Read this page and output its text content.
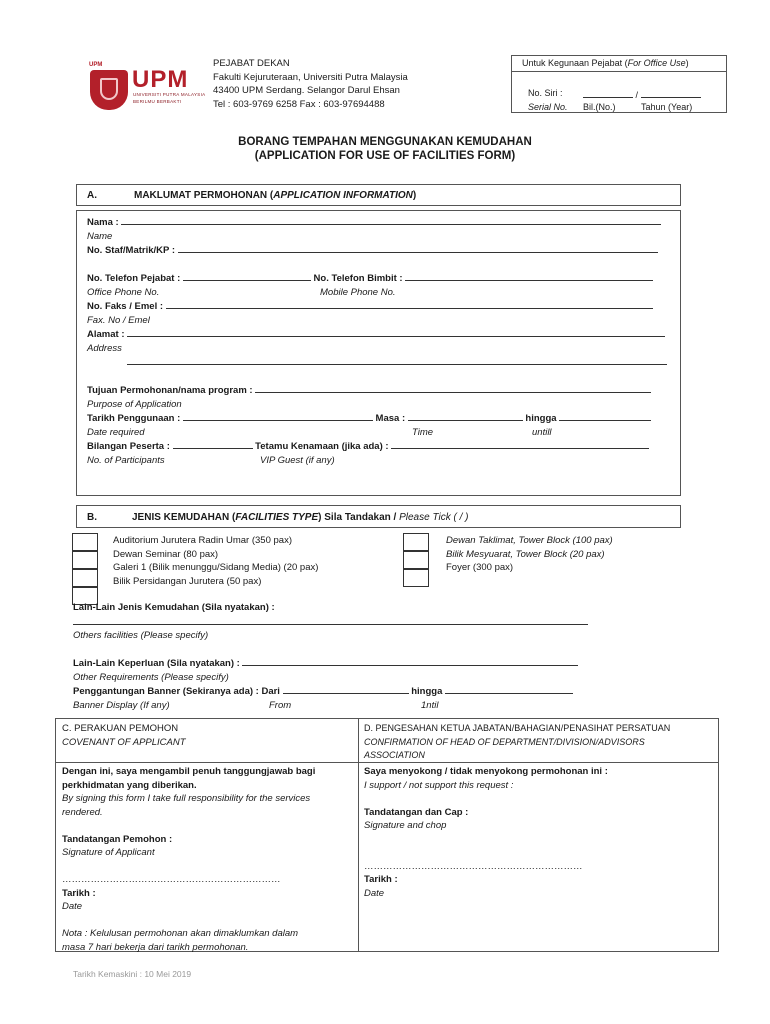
UPM
UPM
UNIVERSITI PUTRA MALAYSIA
BERILMU BERBAKTI
PEJABAT DEKAN
Fakulti Kejuruteraan, Universiti Putra Malaysia
43400 UPM Serdang. Selangor Darul Ehsan
Tel : 603-9769 6258 Fax : 603-97694488
Untuk Kegunaan Pejabat (For Office Use)
No. Siri :	/
Serial No. Bil.(No.)	Tahun (Year)
BORANG TEMPAHAN MENGGUNAKAN KEMUDAHAN
(APPLICATION FOR USE OF FACILITIES FORM)
A.	MAKLUMAT PERMOHONAN (APPLICATION INFORMATION)
Nama :
Name
No. Staf/Matrik/KP :

No. Telefon Pejabat :	No. Telefon Bimbit :
Office Phone No.	Mobile Phone No.
No. Faks / Emel :
Fax. No / Emel
Alamat :
Address

Tujuan Permohonan/nama program :
Purpose of Application
Tarikh Penggunaan :	Masa :	hingga
Date required	Time	untill
Bilangan Peserta :	Tetamu Kenamaan (jika ada) :
No. of Participants	VIP Guest (if any)
B.	JENIS KEMUDAHAN (FACILITIES TYPE) Sila Tandakan / Please Tick ( / )
Auditorium Jurutera Radin Umar (350 pax)
Dewan Seminar (80 pax)
Galeri 1 (Bilik menunggu/Sidang Media) (20 pax)
Bilik Persidangan Jurutera (50 pax)
Dewan Taklimat, Tower Block (100 pax)
Bilik Mesyuarat, Tower Block (20 pax)
Foyer (300 pax)
Lain-Lain Jenis Kemudahan (Sila nyatakan) :
Others facilities (Please specify)

Lain-Lain Keperluan (Sila nyatakan) :
Other Requirements (Please specify)
Penggantungan Banner (Sekiranya ada) : Dari	hingga
Banner Display (If any)	From	1ntil
C. PERAKUAN PEMOHON
COVENANT OF APPLICANT
Dengan ini, saya mengambil penuh tanggungjawab bagi
perkhidmatan yang diberikan.
By signing this form I take full responsibility for the services
rendered.

Tandatangan Pemohon :
Signature of Applicant

……………………………………………………………
Tarikh :
Date

Nota : Kelulusan permohonan akan dimaklumkan dalam
masa 7 hari bekerja dari tarikh permohonan.
D. PENGESAHAN KETUA JABATAN/BAHAGIAN/PENASIHAT PERSATUAN
CONFIRMATION OF HEAD OF DEPARTMENT/DIVISION/ADVISORS
ASSOCIATION
Saya menyokong / tidak menyokong permohonan ini :
I support / not support this request :

Tandatangan dan Cap :
Signature and chop

……………………………………………………………
Tarikh :
Date
Tarikh Kemaskini : 10 Mei 2019
